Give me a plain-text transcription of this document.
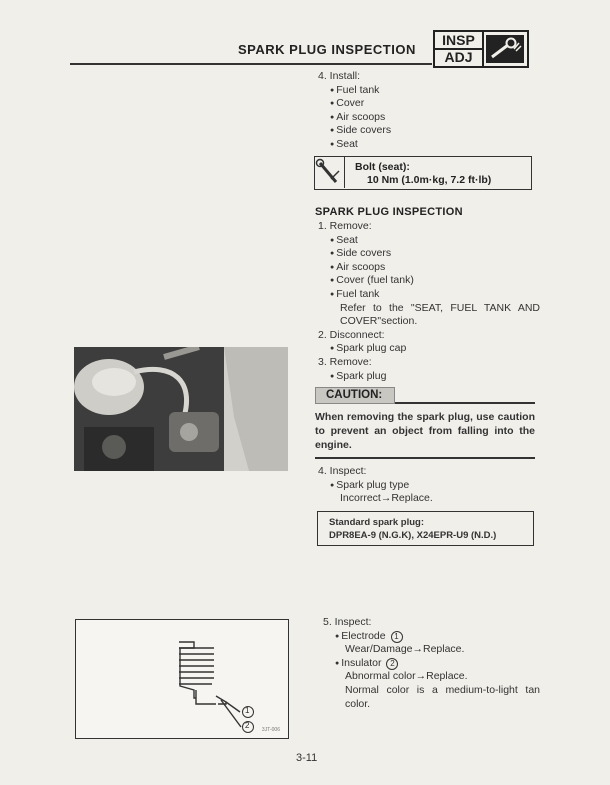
SPARK PLUG INSPECTION
INSP
ADJ
4. Install:
● Fuel tank
● Cover
● Air scoops
● Side covers
● Seat
Bolt (seat):
10 Nm (1.0m·kg, 7.2 ft·lb)
SPARK PLUG INSPECTION
1. Remove:
● Seat
● Side covers
● Air scoops
● Cover (fuel tank)
● Fuel tank
Refer to the "SEAT, FUEL TANK AND COVER"section.
2. Disconnect:
● Spark plug cap
3. Remove:
● Spark plug
CAUTION:
When removing the spark plug, use caution to prevent an object from falling into the engine.
4. Inspect:
● Spark plug type
Incorrect→Replace.
Standard spark plug:
DPR8EA-9 (N.G.K), X24EPR-U9 (N.D.)
5. Inspect:
● Electrode 1
Wear/Damage→Replace.
● Insulator 2
Abnormal color→Replace.
Normal color is a medium-to-light tan color.
1
2 3JT-006
3-11
